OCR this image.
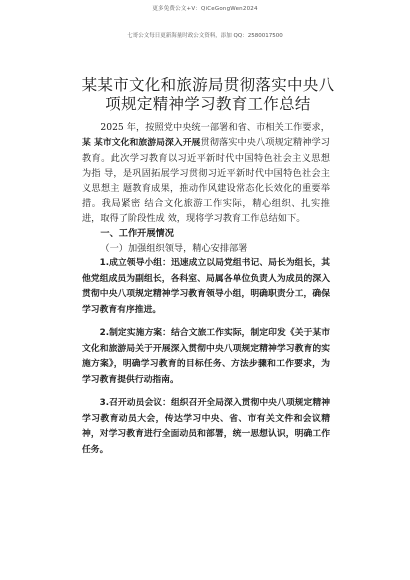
更多免费公文+V：QiCeGongWen2024
七哥公文每日更新海量时政公文资料，添加 QQ：2580017500
某某市文化和旅游局贯彻落实中央八项规定精神学习教育工作总结

2025 年，按照党中央统一部署和省、市相关工作要求，某 某市文化和旅游局深入开展贯彻落实中央八项规定精神学习教育。此次学习教育以习近平新时代中国特色社会主义思想为指 导，是巩固拓展学习贯彻习近平新时代中国特色社会主义思想主 题教育成果，推动作风建设常态化长效化的重要举措。我局紧密 结合文化旅游工作实际，精心组织、扎实推进，取得了阶段性成 效，现将学习教育工作总结如下。

一、工作开展情况

（一）加强组织领导，精心安排部署

1.成立领导小组：迅速成立以局党组书记、局长为组长，其他党组成员为副组长，各科室、局属各单位负责人为成员的深入贯彻中央八项规定精神学习教育领导小组，明确职责分工，确保学习教育有序推进。

2.制定实施方案：结合文旅工作实际，制定印发《关于某市文化和旅游局关于开展深入贯彻中央八项规定精神学习教育的实施方案》，明确学习教育的目标任务、方法步骤和工作要求，为学习教育提供行动指南。

3.召开动员会议：组织召开全局深入贯彻中央八项规定精神学习教育动员大会，传达学习中央、省、市有关文件和会议精神，对学习教育进行全面动员和部署，统一思想认识，明确工作任务。
